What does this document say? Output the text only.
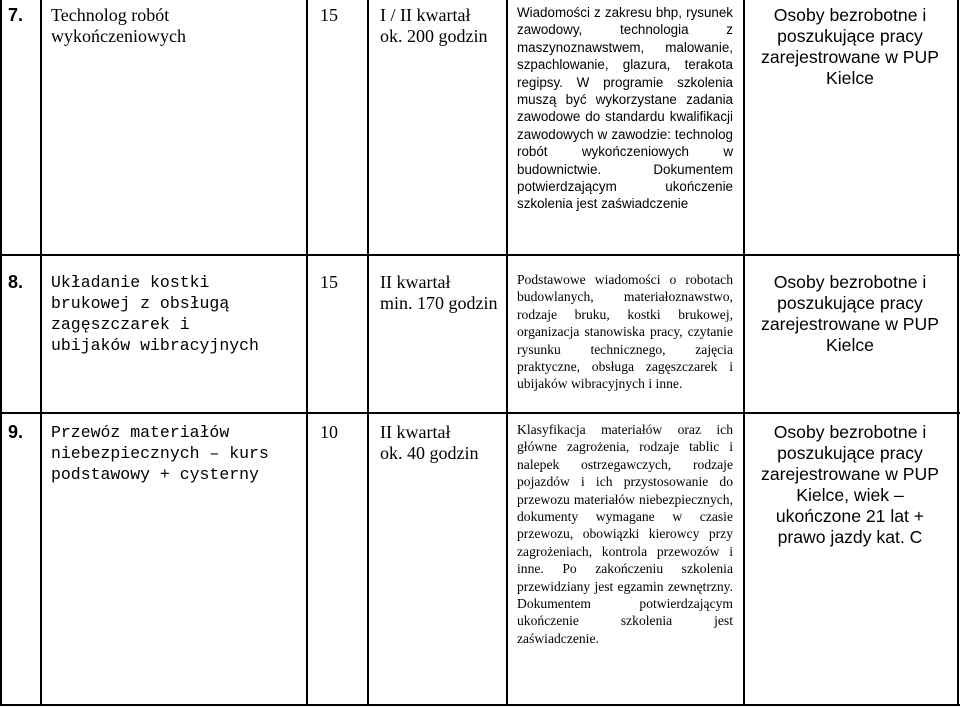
7. Technolog robót wykończeniowych
15 I / II kwartał
ok. 200 godzin
Wiadomości z zakresu bhp, rysunek zawodowy, technologia z maszynoznawstwem, malowanie, szpachlowanie, glazura, terakota regipsy. W programie szkolenia muszą być wykorzystane zadania zawodowe do standardu kwalifikacji zawodowych w zawodzie: technolog robót wykończeniowych w budownictwie. Dokumentem potwierdzającym ukończenie szkolenia jest zaświadczenie
Osoby bezrobotne i poszukujące pracy zarejestrowane w PUP Kielce
8. Układanie kostki brukowej z obsługą zagęszczarek i ubijaków wibracyjnych
15 II kwartał
min. 170 godzin
Podstawowe wiadomości o robotach budowlanych, materiałoznawstwo, rodzaje bruku, kostki brukowej, organizacja stanowiska pracy, czytanie rysunku technicznego, zajęcia praktyczne, obsługa zagęszczarek i ubijaków wibracyjnych i inne.
Osoby bezrobotne i poszukujące pracy zarejestrowane w PUP Kielce
9. Przewóz materiałów niebezpiecznych – kurs podstawowy + cysterny
10 II kwartał
ok. 40 godzin
Klasyfikacja materiałów oraz ich główne zagrożenia, rodzaje tablic i nalepek ostrzegawczych, rodzaje pojazdów i ich przystosowanie do przewozu materiałów niebezpiecznych, dokumenty wymagane w czasie przewozu, obowiązki kierowcy przy zagrożeniach, kontrola przewozów i inne. Po zakończeniu szkolenia przewidziany jest egzamin zewnętrzny. Dokumentem potwierdzającym ukończenie szkolenia jest zaświadczenie.
Osoby bezrobotne i poszukujące pracy zarejestrowane w PUP Kielce, wiek – ukończone 21 lat + prawo jazdy kat. C
